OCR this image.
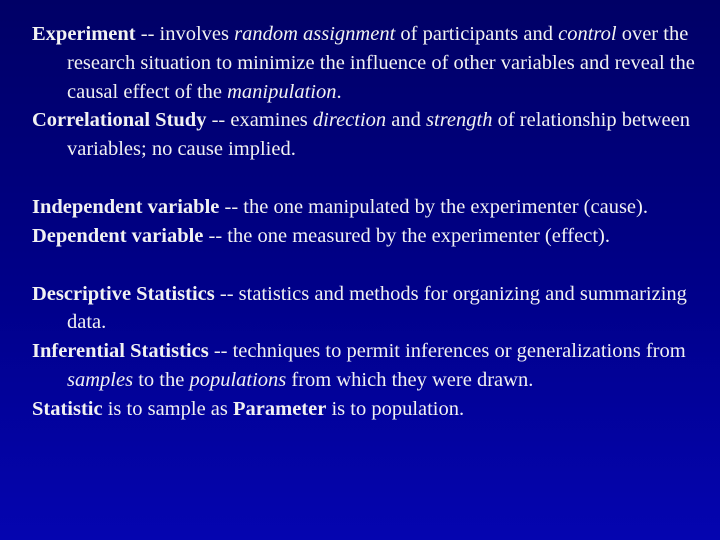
Experiment -- involves random assignment of participants and control over the research situation to minimize the influence of other variables and reveal the causal effect of the manipulation.

Correlational Study -- examines direction and strength of relationship between variables; no cause implied.

Independent variable -- the one manipulated by the experimenter (cause).

Dependent variable -- the one measured by the experimenter (effect).

Descriptive Statistics -- statistics and methods for organizing and summarizing data.

Inferential Statistics -- techniques to permit inferences or generalizations from samples to the populations from which they were drawn.

Statistic is to sample as Parameter is to population.
